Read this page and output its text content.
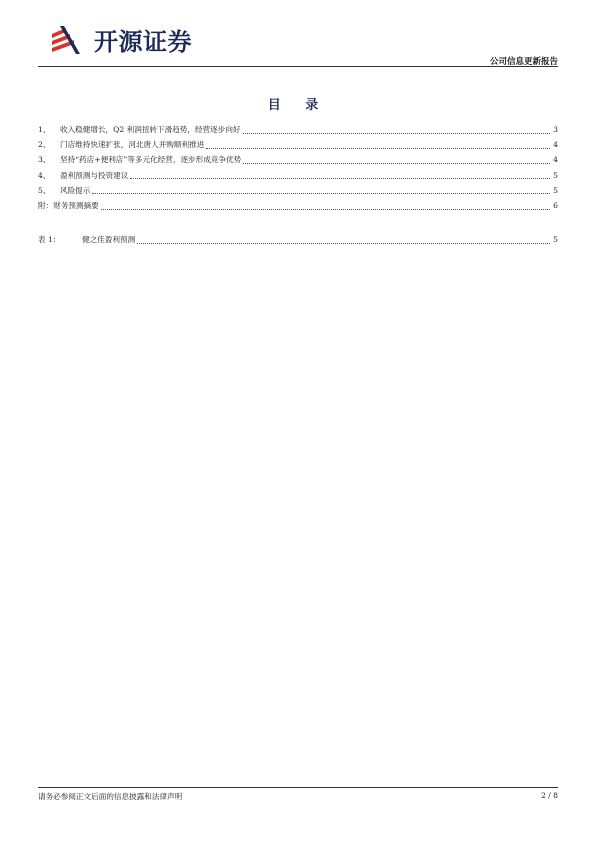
开源证券
公司信息更新报告
目 录
1、	收入稳健增长，Q2 利润扭转下滑趋势，经营逐步向好	3
2、	门店维持快速扩张，河北唐人并购顺利推进	4
3、	坚持“药店+便利店”等多元化经营，逐步形成竞争优势	4
4、	盈利预测与投资建议	5
5、	风险提示	5
附：财务预测摘要	6
表 1：	健之佳盈利预测	5
请务必参阅正文后面的信息披露和法律声明	2 / 8
